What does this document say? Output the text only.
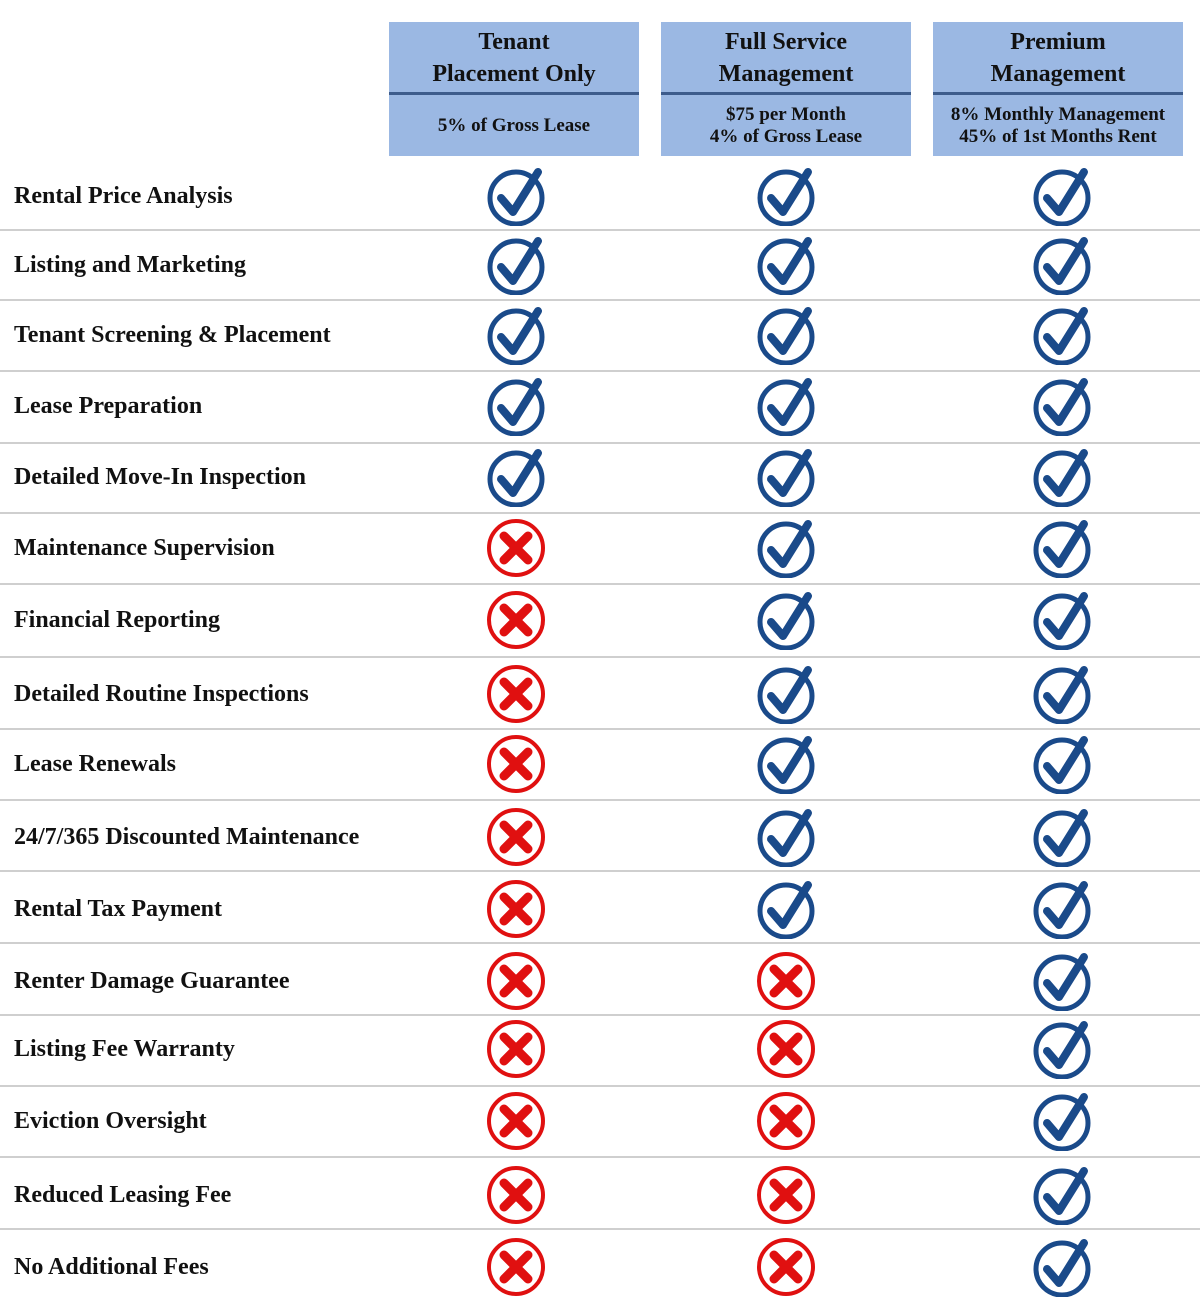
Tenant
Placement Only
5% of Gross Lease
Full Service
Management
$75 per Month
4% of Gross Lease
Premium
Management
8% Monthly Management
45% of 1st Months Rent
Rental Price Analysis
Listing and Marketing
Tenant Screening & Placement
Lease Preparation
Detailed Move-In Inspection
Maintenance Supervision
Financial Reporting
Detailed Routine Inspections
Lease Renewals
24/7/365 Discounted Maintenance
Rental Tax Payment
Renter Damage Guarantee
Listing Fee Warranty
Eviction Oversight
Reduced Leasing Fee
No Additional Fees
